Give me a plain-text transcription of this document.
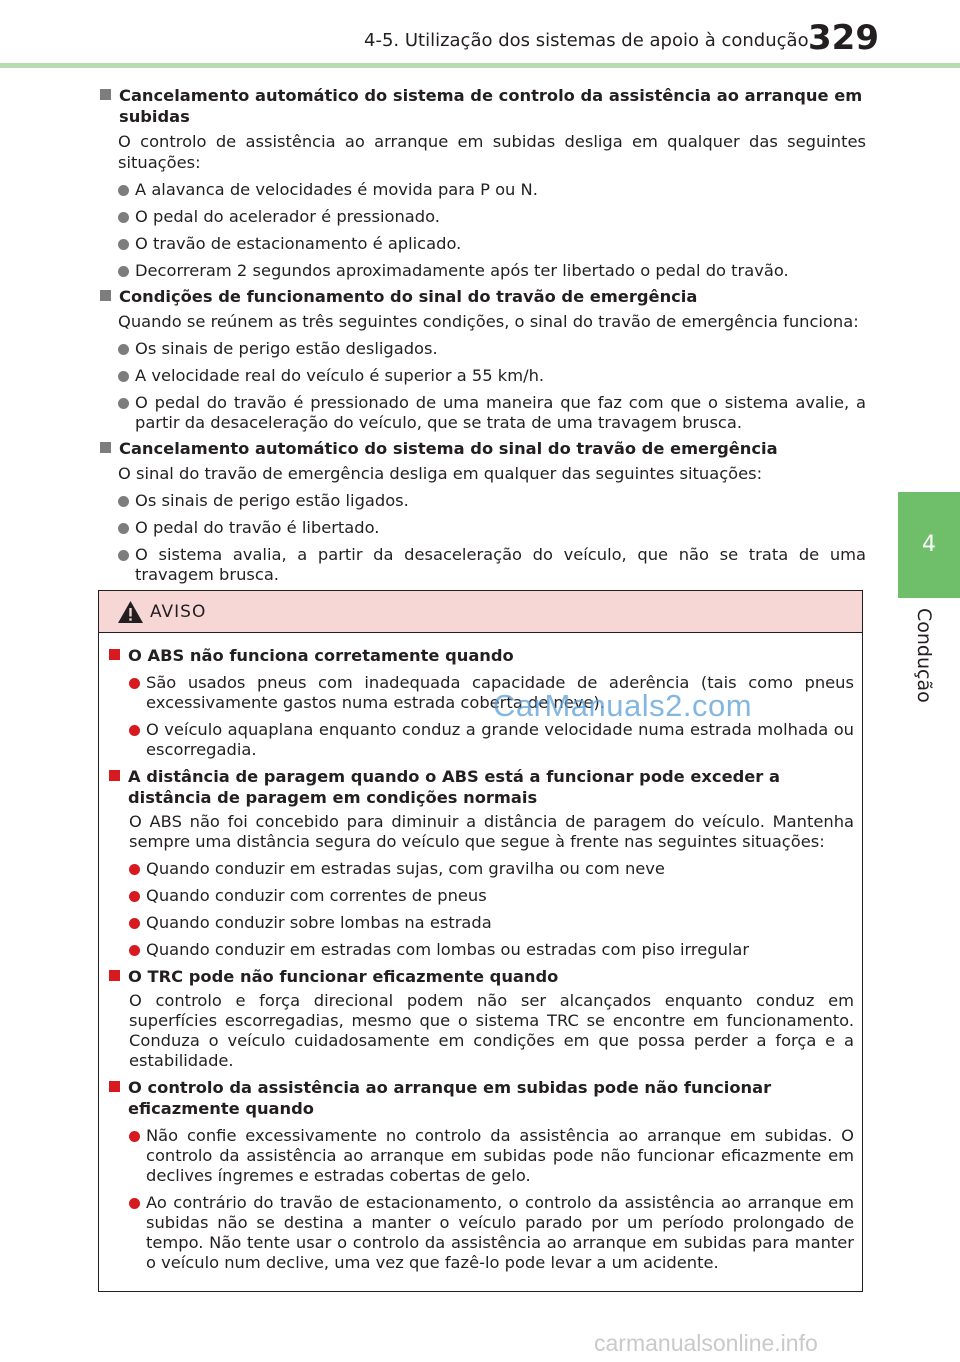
4-5. Utilização dos sistemas de apoio à condução 329
4
Condução
Cancelamento automático do sistema de controlo da assistência ao arranque em subidas
O controlo de assistência ao arranque em subidas desliga em qualquer das seguintes situações:
A alavanca de velocidades é movida para P ou N.
O pedal do acelerador é pressionado.
O travão de estacionamento é aplicado.
Decorreram 2 segundos aproximadamente após ter libertado o pedal do travão.
Condições de funcionamento do sinal do travão de emergência
Quando se reúnem as três seguintes condições, o sinal do travão de emergência funciona:
Os sinais de perigo estão desligados.
A velocidade real do veículo é superior a 55 km/h.
O pedal do travão é pressionado de uma maneira que faz com que o sistema avalie, a partir da desaceleração do veículo, que se trata de uma travagem brusca.
Cancelamento automático do sistema do sinal do travão de emergência
O sinal do travão de emergência desliga em qualquer das seguintes situações:
Os sinais de perigo estão ligados.
O pedal do travão é libertado.
O sistema avalia, a partir da desaceleração do veículo, que não se trata de uma travagem brusca.
AVISO
O ABS não funciona corretamente quando
São usados pneus com inadequada capacidade de aderência (tais como pneus excessivamente gastos numa estrada coberta de neve).
O veículo aquaplana enquanto conduz a grande velocidade numa estrada molhada ou escorregadia.
A distância de paragem quando o ABS está a funcionar pode exceder a distância de paragem em condições normais
O ABS não foi concebido para diminuir a distância de paragem do veículo. Mantenha sempre uma distância segura do veículo que segue à frente nas seguintes situações:
Quando conduzir em estradas sujas, com gravilha ou com neve
Quando conduzir com correntes de pneus
Quando conduzir sobre lombas na estrada
Quando conduzir em estradas com lombas ou estradas com piso irregular
O TRC pode não funcionar eficazmente quando
O controlo e força direcional podem não ser alcançados enquanto conduz em superfícies escorregadias, mesmo que o sistema TRC se encontre em funcionamento. Conduza o veículo cuidadosamente em condições em que possa perder a força e a estabilidade.
O controlo da assistência ao arranque em subidas pode não funcionar eficazmente quando
Não confie excessivamente no controlo da assistência ao arranque em subidas. O controlo da assistência ao arranque em subidas pode não funcionar eficazmente em declives íngremes e estradas cobertas de gelo.
Ao contrário do travão de estacionamento, o controlo da assistência ao arranque em subidas não se destina a manter o veículo parado por um período prolongado de tempo. Não tente usar o controlo da assistência ao arranque em subidas para manter o veículo num declive, uma vez que fazê-lo pode levar a um acidente.
CarManuals2.com
carmanualsonline.info
